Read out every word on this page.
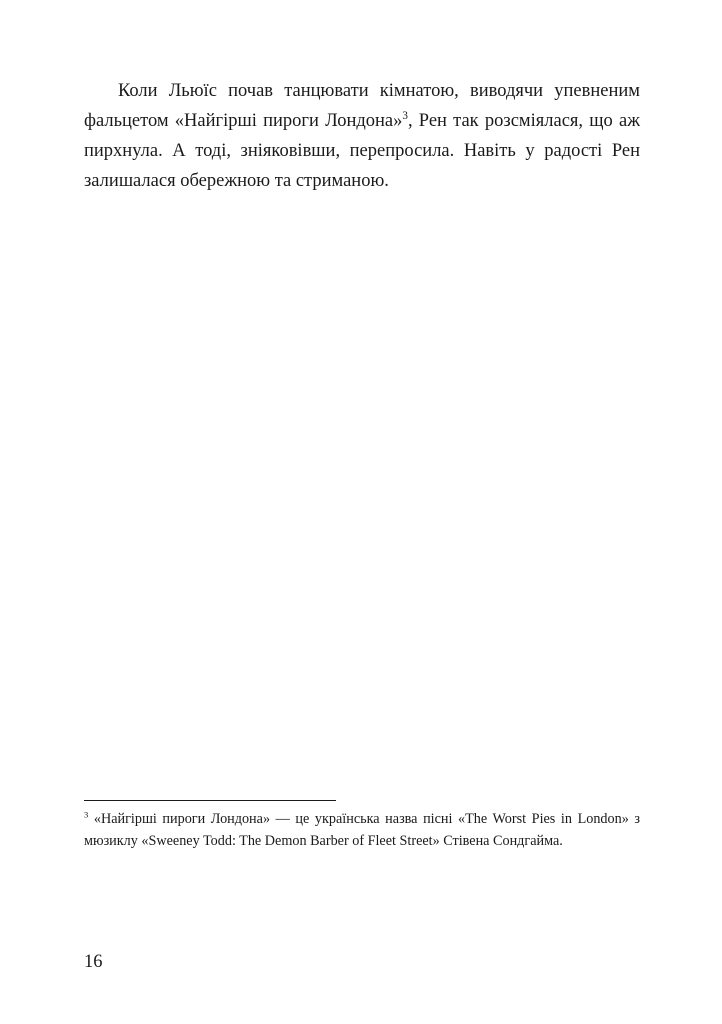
Коли Льюїс почав танцювати кімнатою, виводячи упевненим фальцетом «Найгірші пироги Лондона»$^3$, Рен так розсміялася, що аж пирхнула. А тоді, зніяковівши, перепросила. Навіть у радості Рен залишалася обережною та стриманою.

$^3$ «Найгірші пироги Лондона» — це українська назва пісні «The Worst Pies in London» з мюзиклу «Sweeney Todd: The Demon Barber of Fleet Street» Стівена Сондгайма.

16
